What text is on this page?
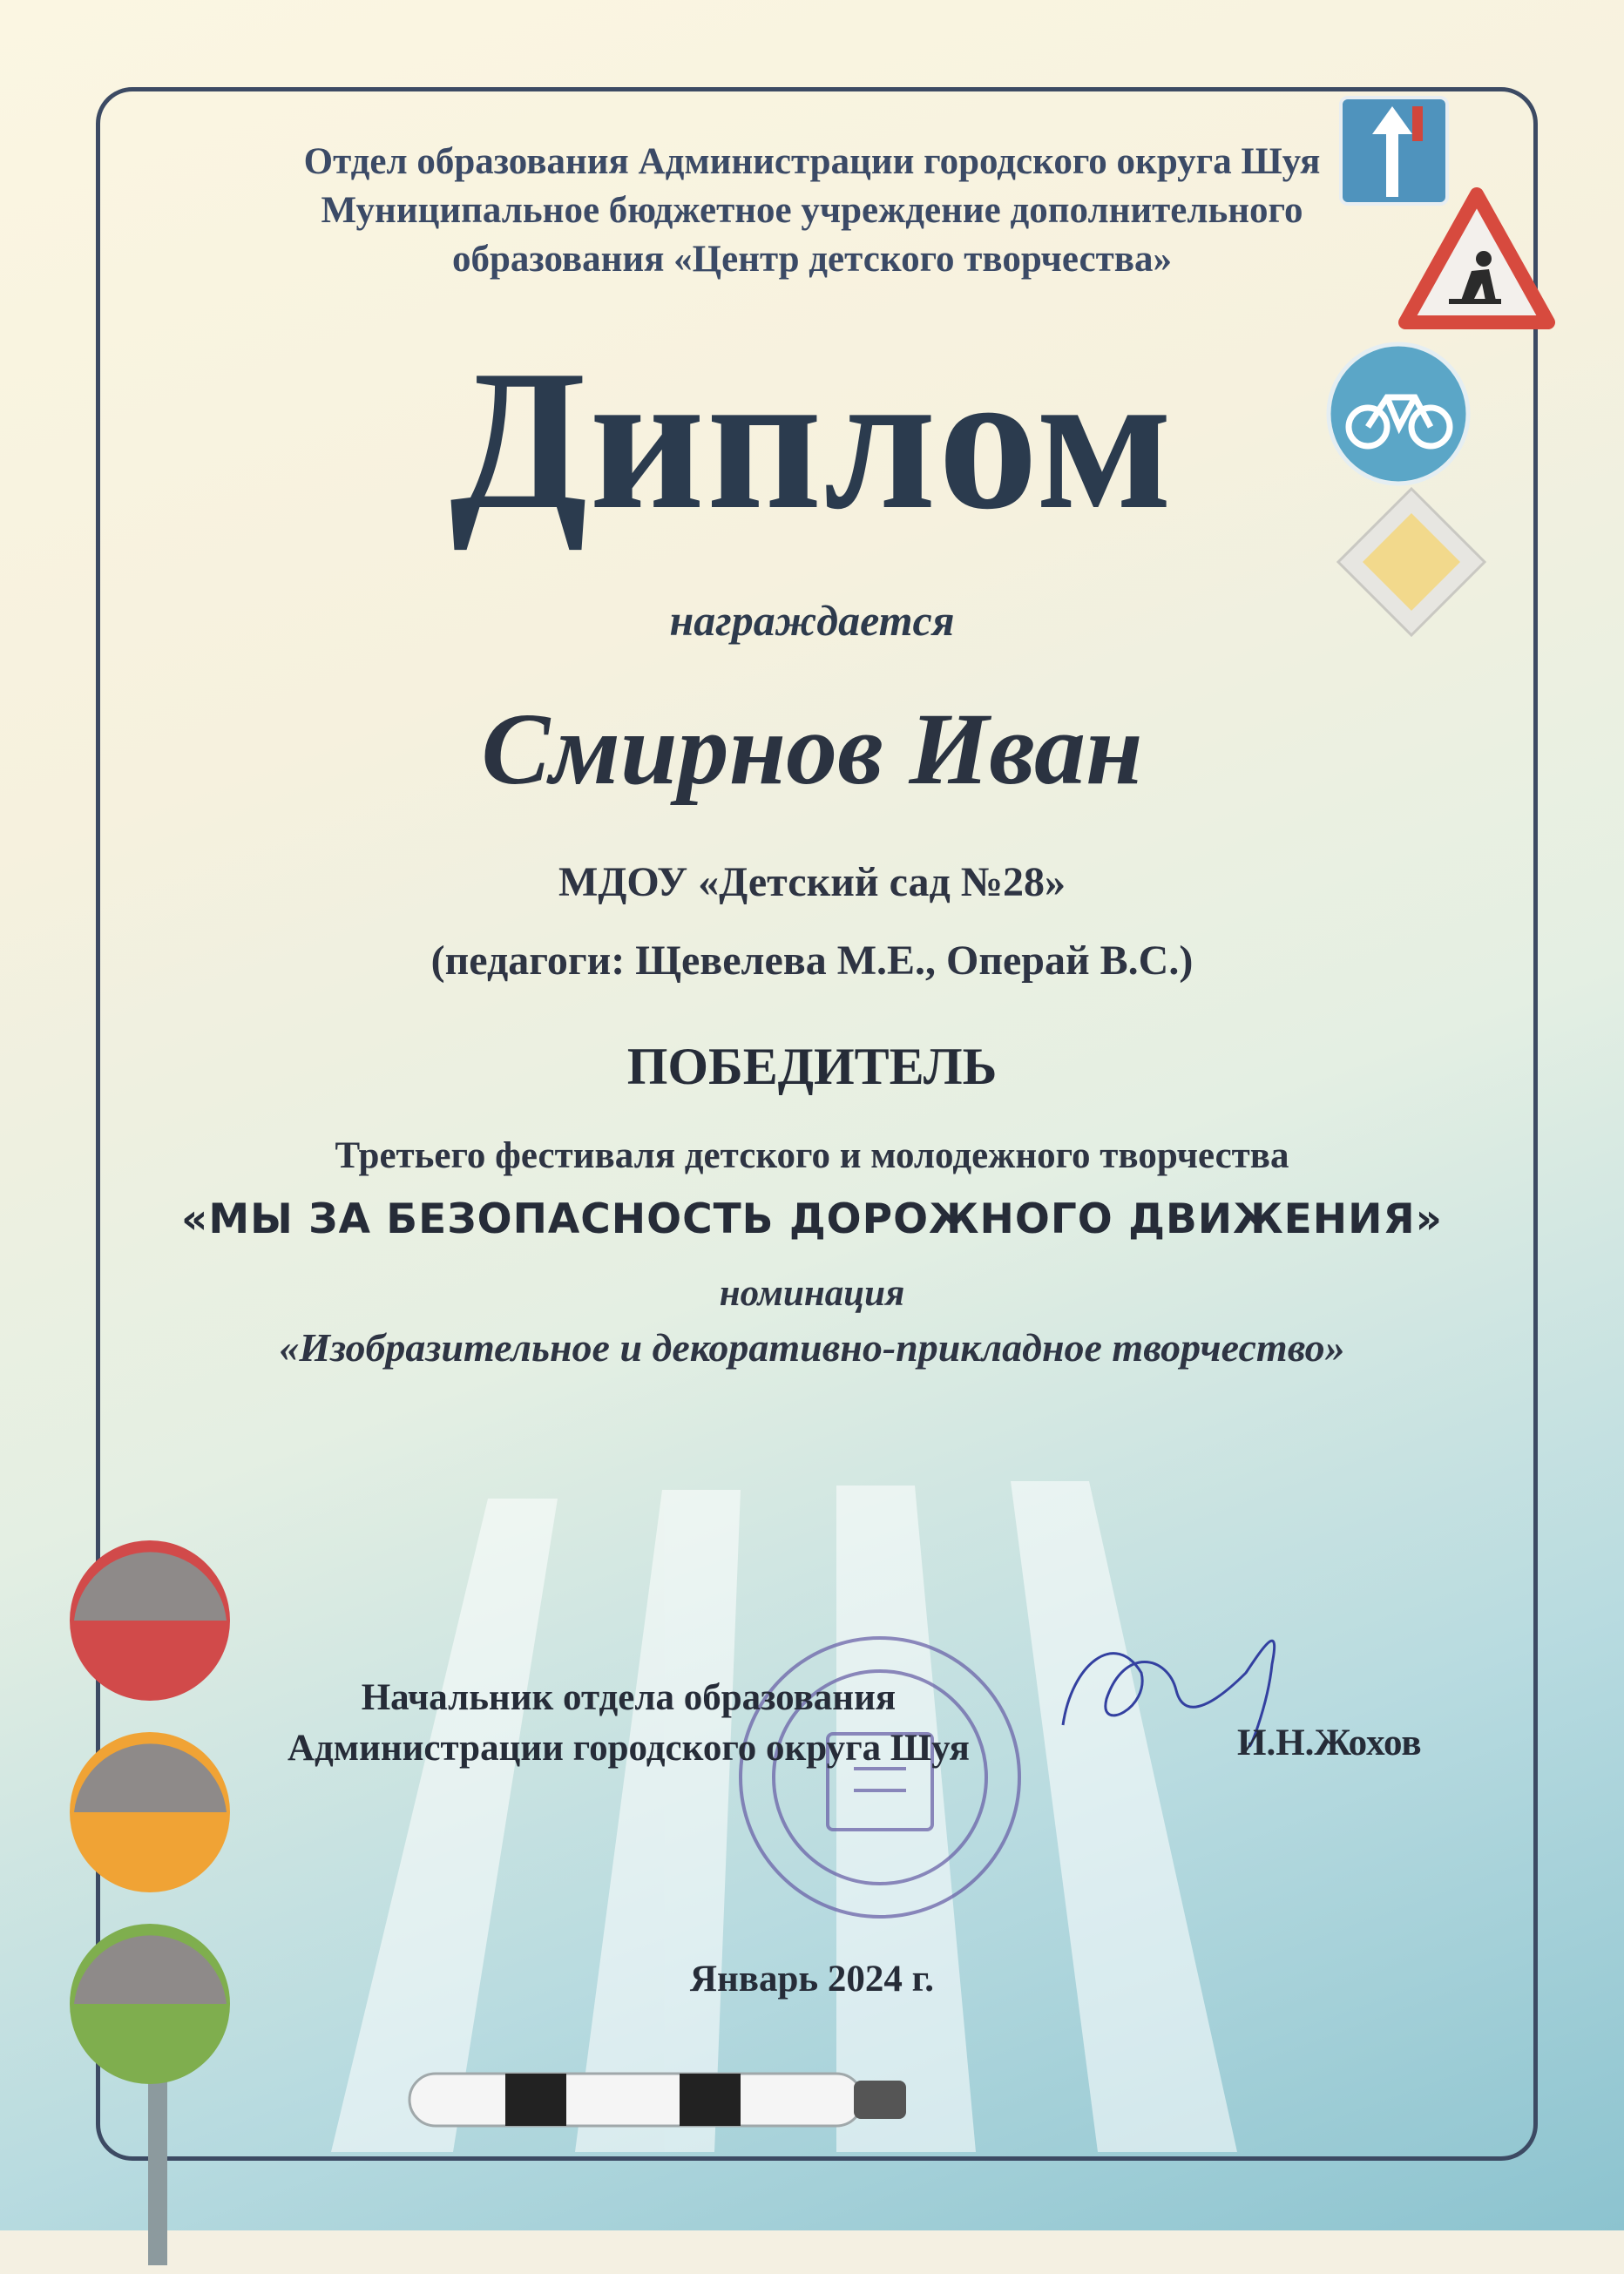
Отдел образования Администрации городского округа Шуя
Муниципальное бюджетное учреждение дополнительного
образования «Центр детского творчества»
Диплом
награждается
Смирнов Иван
МДОУ «Детский сад №28»
(педагоги: Щевелева М.Е., Операй В.С.)
ПОБЕДИТЕЛЬ
Третьего фестиваля детского и молодежного творчества
«МЫ ЗА БЕЗОПАСНОСТЬ ДОРОЖНОГО ДВИЖЕНИЯ»
номинация
«Изобразительное и декоративно-прикладное творчество»
Начальник отдела образования
Администрации городского округа Шуя	И.Н.Жохов
Январь 2024 г.
